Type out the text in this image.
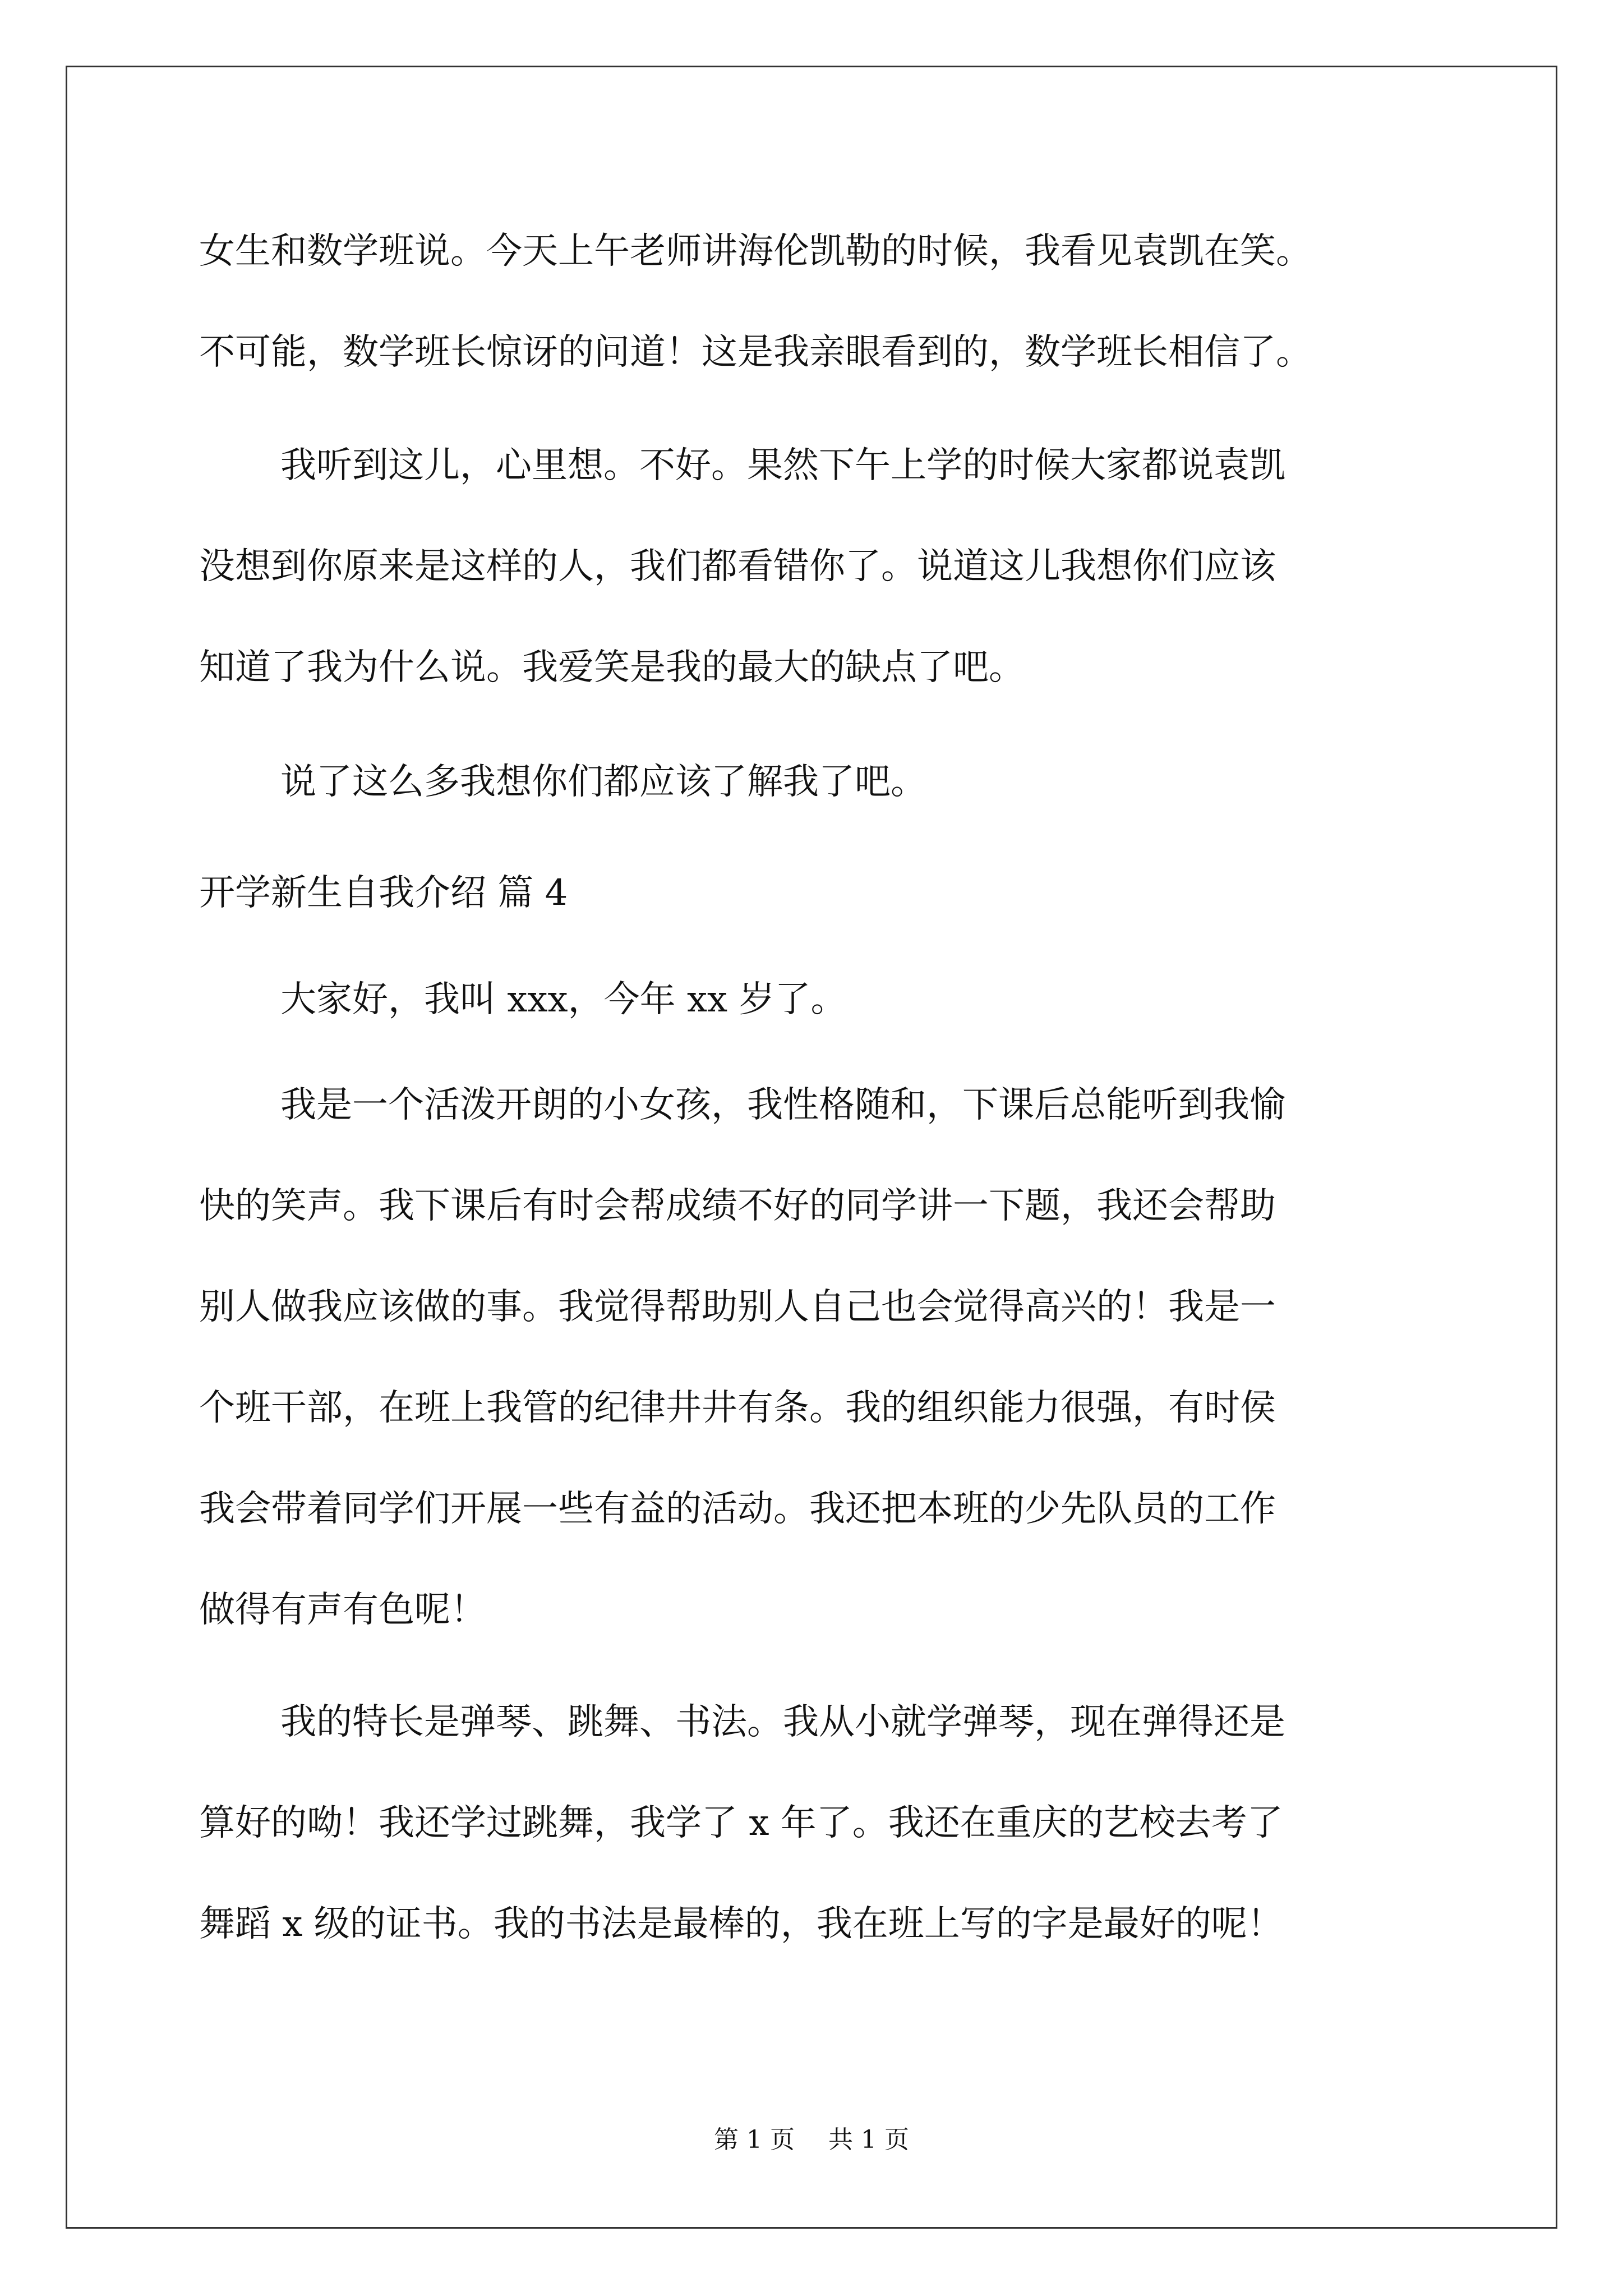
女生和数学班说。今天上午老师讲海伦凯勒的时候，我看见袁凯在笑。
不可能，数学班长惊讶的问道！这是我亲眼看到的，数学班长相信了。
我听到这儿，心里想。不好。果然下午上学的时候大家都说袁凯
没想到你原来是这样的人，我们都看错你了。说道这儿我想你们应该
知道了我为什么说。我爱笑是我的最大的缺点了吧。
说了这么多我想你们都应该了解我了吧。
开学新生自我介绍 篇 4
大家好，我叫 xxx，今年 xx 岁了。
我是一个活泼开朗的小女孩，我性格随和，下课后总能听到我愉
快的笑声。我下课后有时会帮成绩不好的同学讲一下题，我还会帮助
别人做我应该做的事。我觉得帮助别人自己也会觉得高兴的！我是一
个班干部，在班上我管的纪律井井有条。我的组织能力很强，有时侯
我会带着同学们开展一些有益的活动。我还把本班的少先队员的工作
做得有声有色呢！
我的特长是弹琴、跳舞、书法。我从小就学弹琴，现在弹得还是
算好的呦！我还学过跳舞，我学了 x 年了。我还在重庆的艺校去考了
舞蹈 x 级的证书。我的书法是最棒的，我在班上写的字是最好的呢！
第 1 页 共 1 页
